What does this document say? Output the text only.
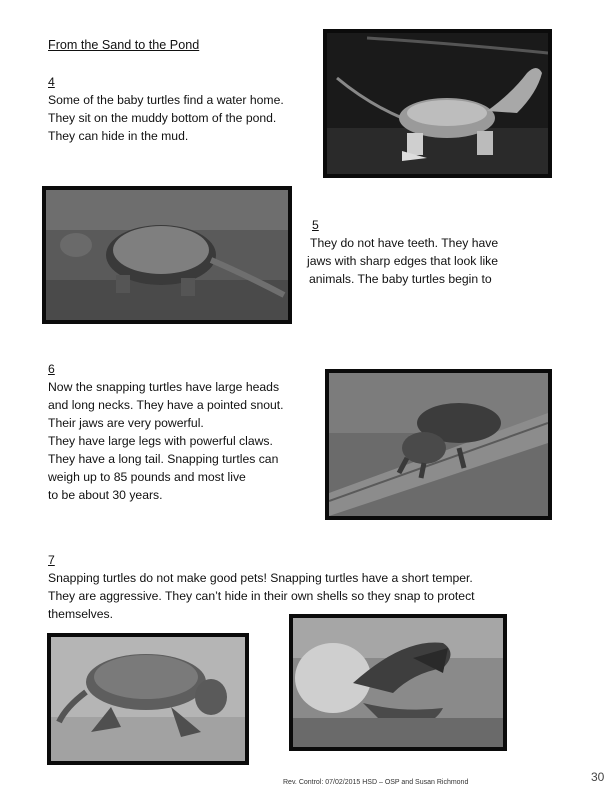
From the Sand to the Pond
4
Some of the baby turtles find a water home.
They sit on the muddy bottom of the pond.
They can hide in the mud.
5
They do not have teeth. They have
jaws with sharp edges that look like
animals. The baby turtles begin to
6
Now the snapping turtles have large heads
and long necks. They have a pointed snout.
Their jaws are very powerful.
They have large legs with powerful claws.
They have a long tail. Snapping turtles can
weigh up to 85 pounds and most live
to be about 30 years.
7
Snapping turtles do not make good pets! Snapping turtles have a short temper.
They are aggressive. They can’t hide in their own shells so they snap to protect
themselves.
Rev. Control: 07/02/2015 HSD – OSP and Susan Richmond	30
